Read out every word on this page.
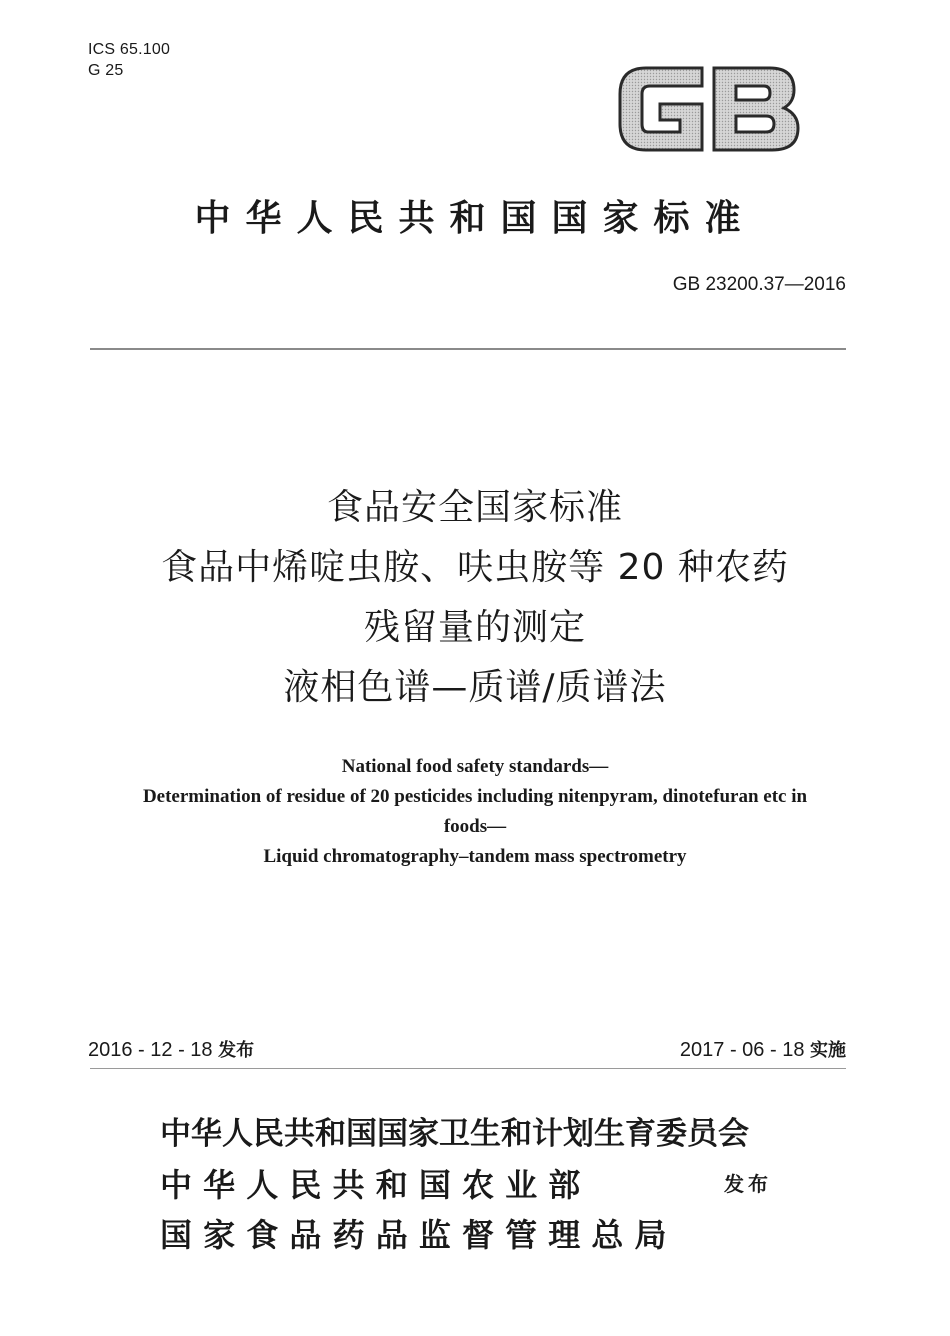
ICS 65.100
G 25
中华人民共和国国家标准
GB 23200.37—2016
食品安全国家标准
食品中烯啶虫胺、呋虫胺等 20 种农药
残留量的测定
液相色谱—质谱/质谱法
National food safety standards—
Determination of residue of 20 pesticides including nitenpyram, dinotefuran etc in
foods—
Liquid chromatography–tandem mass spectrometry
2016 - 12 - 18 发布	2017 - 06 - 18 实施
中华人民共和国国家卫生和计划生育委员会
中 华 人 民 共 和 国 农 业 部	发布
国 家 食 品 药 品 监 督 管 理 总 局
